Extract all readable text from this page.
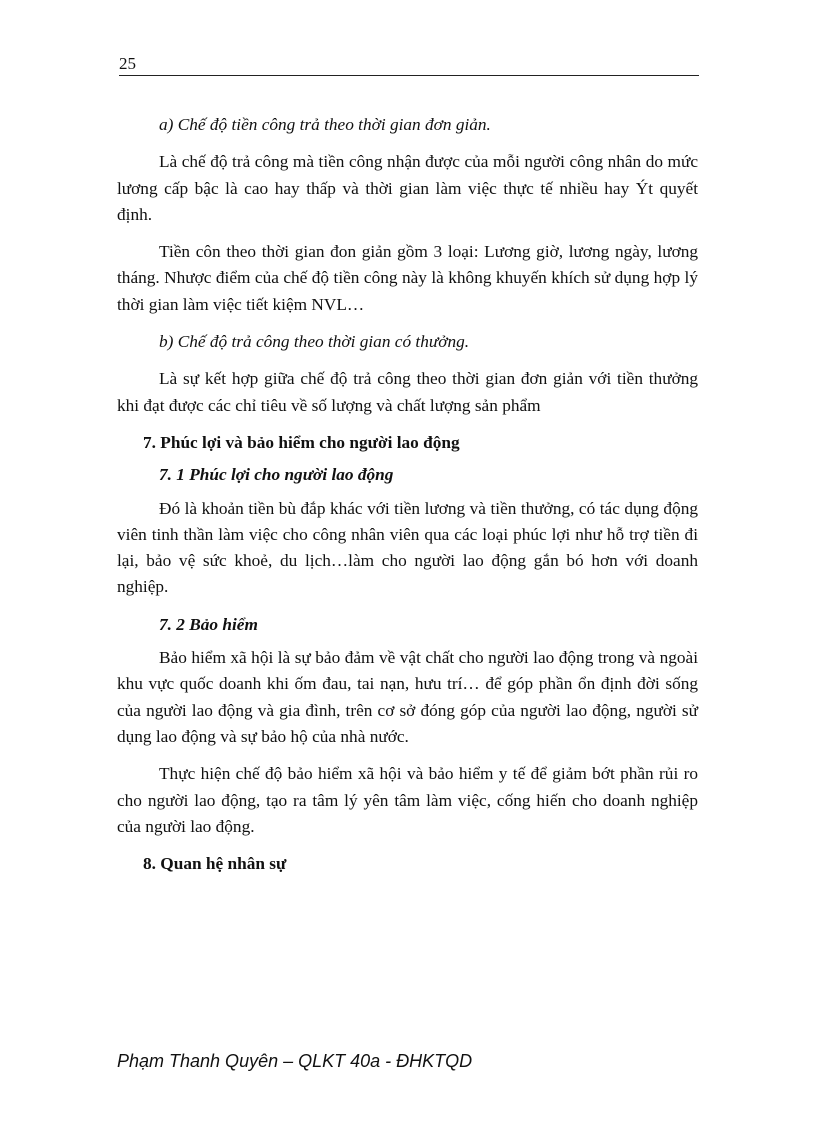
25

a) Chế độ tiền công trả theo thời gian đơn giản.

Là chế độ trả công mà tiền công nhận được của mỗi người công nhân do mức lương cấp bậc là cao hay thấp và thời gian làm việc thực tế nhiều hay Ýt quyết định.

Tiền côn theo thời gian đon giản gồm 3 loại: Lương giờ, lương ngày, lương tháng. Nhược điểm của chế độ tiền công này là không khuyến khích sử dụng hợp lý thời gian làm việc tiết kiệm NVL…

b) Chế độ trả công theo thời gian có thưởng.

Là sự kết hợp giữa chế độ trả công theo thời gian đơn giản với tiền thưởng khi đạt được các chỉ tiêu về số lượng và chất lượng sản phẩm

7. Phúc lợi và bảo hiểm cho người lao động

7. 1 Phúc lợi cho người lao động

Đó là khoản tiền bù đắp khác với tiền lương và tiền thưởng, có tác dụng động viên tinh thần làm việc cho công nhân viên qua các loại phúc lợi như hỗ trợ tiền đi lại, bảo vệ sức khoẻ, du lịch…làm cho người lao động gắn bó hơn với doanh nghiệp.

7. 2 Bảo hiểm

Bảo hiểm xã hội là sự bảo đảm về vật chất cho người lao động trong và ngoài khu vực quốc doanh khi ốm đau, tai nạn, hưu trí… để góp phần ổn định đời sống của người lao động và gia đình, trên cơ sở đóng góp của người lao động, người sử dụng lao động và sự bảo hộ của nhà nước.

Thực hiện chế độ bảo hiểm xã hội và bảo hiểm y tế để giảm bớt phần rủi ro cho người lao động, tạo ra tâm lý yên tâm làm việc, cống hiến cho doanh nghiệp của người lao động.

8. Quan hệ nhân sự

Phạm Thanh Quyên – QLKT 40a - ĐHKTQD
